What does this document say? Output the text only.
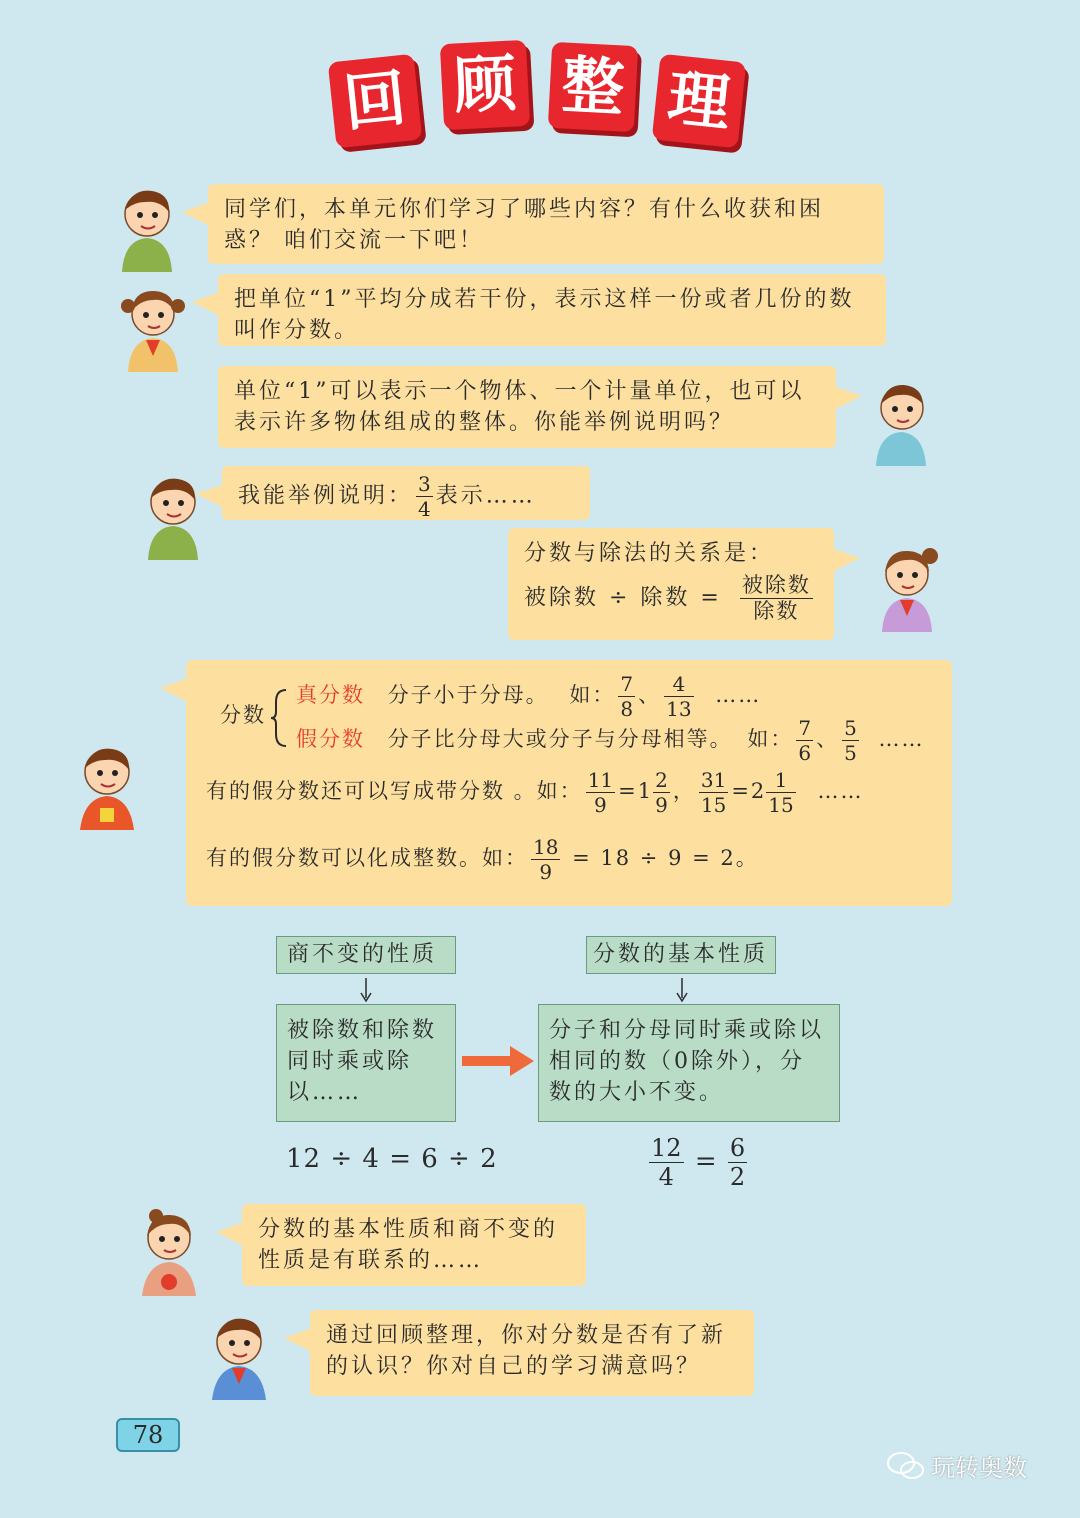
回 顾 整 理
同学们，本单元你们学习了哪些内容？有什么收获和困惑？ 咱们交流一下吧！
把单位“1”平均分成若干份，表示这样一份或者几份的数叫作分数。
单位“1”可以表示一个物体、一个计量单位，也可以表示许多物体组成的整体。你能举例说明吗？
我能举例说明： $\frac{3}{4}$ 表示……
分数与除法的关系是：
被除数 ÷ 除数 = $\frac{\text{被除数}}{\text{除数}}$
分数
真分数 分子小于分母。 如： $\frac{7}{8}$ 、 $\frac{4}{13}$ ……
假分数 分子比分母大或分子与分母相等。 如： $\frac{7}{6}$ 、 $\frac{5}{5}$ ……
有的假分数还可以写成带分数 。如： $\frac{11}{9} =1 \frac{2}{9}$ ， $\frac{31}{15} =2 \frac{1}{15}$ ……
有的假分数可以化成整数。如： $\frac{18}{9} = 18 \div 9 = 2$。
商不变的性质	分数的基本性质
被除数和除数同时乘或除以……
分子和分母同时乘或除以相同的数（0除外），分数的大小不变。
12 ÷ 4 = 6 ÷ 2	$\frac{12}{4} = \frac{6}{2}$
分数的基本性质和商不变的性质是有联系的……
通过回顾整理，你对分数是否有了新的认识？你对自己的学习满意吗？
78
玩转奥数
